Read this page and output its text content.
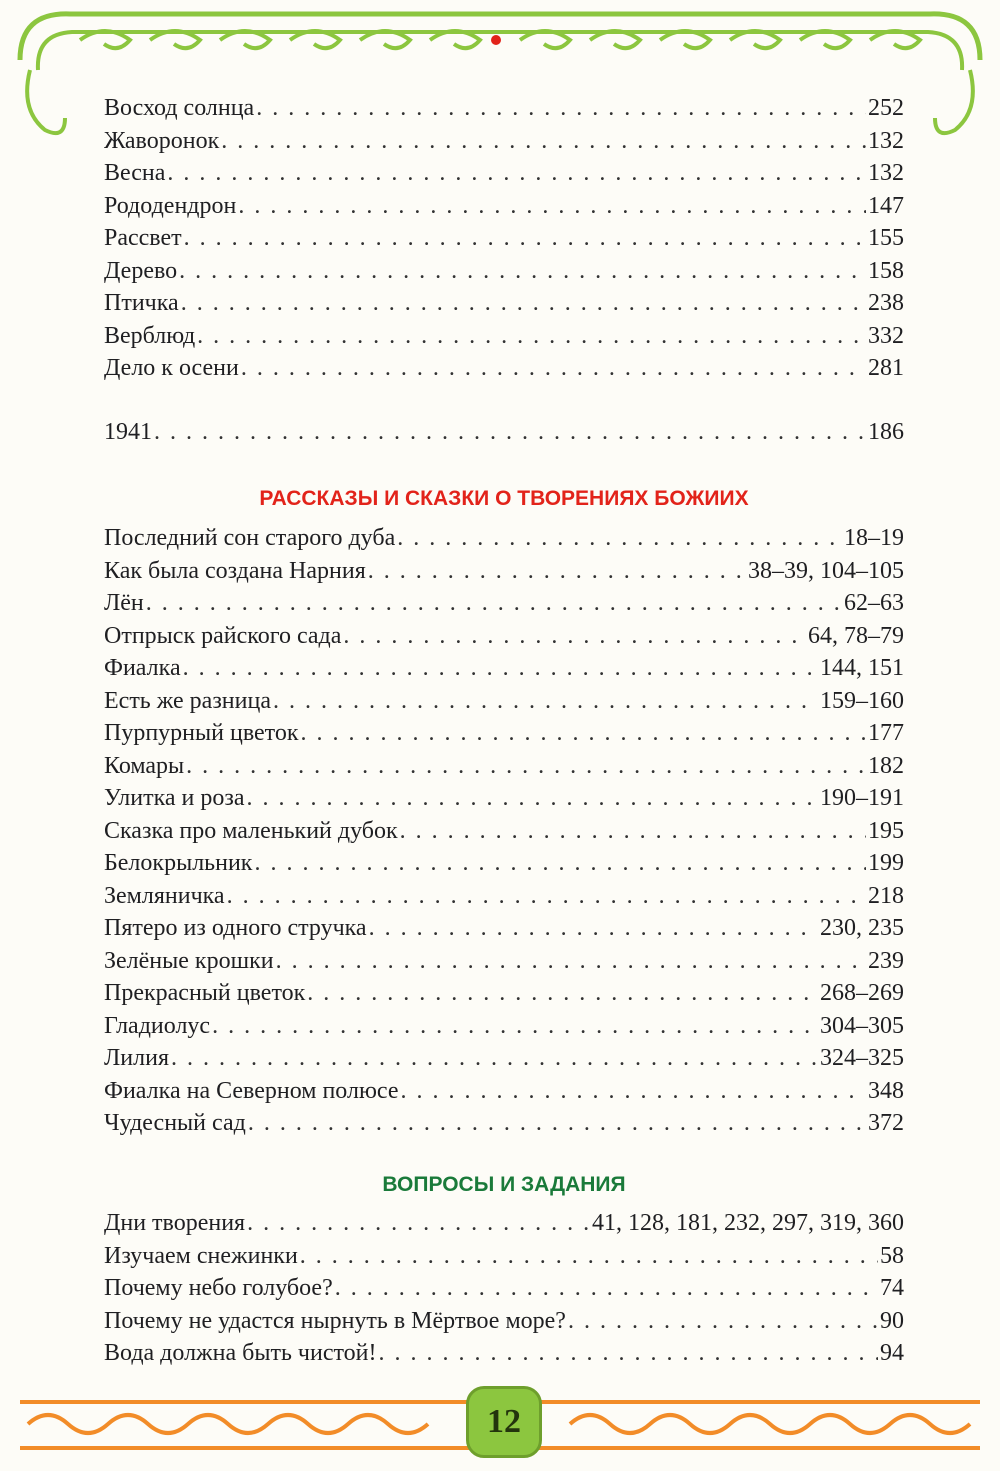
Восход солнца . . .	252
Жаворонок . . .	132
Весна . . .	132
Рододендрон . . .	147
Рассвет . . .	155
Дерево . . .	158
Птичка . . .	238
Верблюд . . .	332
Дело к осени . . .	281
1941 . . .	186
РАССКАЗЫ И СКАЗКИ О ТВОРЕНИЯХ БОЖИИХ
Последний сон старого дуба . . .	18–19
Как была создана Нарния . . .	38–39, 104–105
Лён . . .	62–63
Отпрыск райского сада . . .	64, 78–79
Фиалка . . .	144, 151
Есть же разница . . .	159–160
Пурпурный цветок . . .	177
Комары . . .	182
Улитка и роза . . .	190–191
Сказка про маленький дубок . . .	195
Белокрыльник . . .	199
Земляничка . . .	218
Пятеро из одного стручка . . .	230, 235
Зелёные крошки . . .	239
Прекрасный цветок . . .	268–269
Гладиолус . . .	304–305
Лилия . . .	324–325
Фиалка на Северном полюсе . . .	348
Чудесный сад . . .	372
ВОПРОСЫ И ЗАДАНИЯ
Дни творения . . .	41, 128, 181, 232, 297, 319, 360
Изучаем снежинки . . .	58
Почему небо голубое? . . .	74
Почему не удастся нырнуть в Мёртвое море? . . .	90
Вода должна быть чистой! . . .	94
12
